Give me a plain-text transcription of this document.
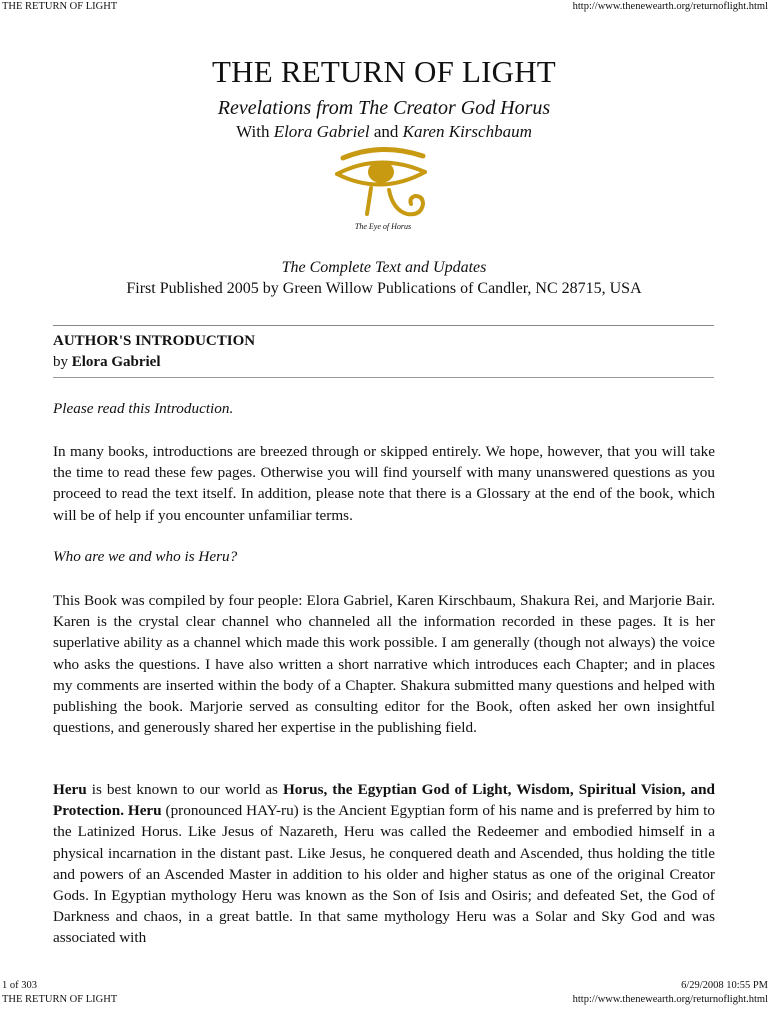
THE RETURN OF LIGHT	http://www.thenewearth.org/returnoflight.html
THE RETURN OF LIGHT
Revelations from The Creator God Horus
With Elora Gabriel and Karen Kirschbaum
The Eye of Horus
The Complete Text and Updates
First Published 2005 by Green Willow Publications of Candler, NC 28715, USA
AUTHOR'S INTRODUCTION
by Elora Gabriel
Please read this Introduction.
In many books, introductions are breezed through or skipped entirely. We hope, however, that you will take the time to read these few pages. Otherwise you will find yourself with many unanswered questions as you proceed to read the text itself. In addition, please note that there is a Glossary at the end of the book, which will be of help if you encounter unfamiliar terms.
Who are we and who is Heru?
This Book was compiled by four people: Elora Gabriel, Karen Kirschbaum, Shakura Rei, and Marjorie Bair. Karen is the crystal clear channel who channeled all the information recorded in these pages. It is her superlative ability as a channel which made this work possible. I am generally (though not always) the voice who asks the questions. I have also written a short narrative which introduces each Chapter; and in places my comments are inserted within the body of a Chapter. Shakura submitted many questions and helped with publishing the book. Marjorie served as consulting editor for the Book, often asked her own insightful questions, and generously shared her expertise in the publishing field.
Heru is best known to our world as Horus, the Egyptian God of Light, Wisdom, Spiritual Vision, and Protection. Heru (pronounced HAY-ru) is the Ancient Egyptian form of his name and is preferred by him to the Latinized Horus. Like Jesus of Nazareth, Heru was called the Redeemer and embodied himself in a physical incarnation in the distant past. Like Jesus, he conquered death and Ascended, thus holding the title and powers of an Ascended Master in addition to his older and higher status as one of the original Creator Gods. In Egyptian mythology Heru was known as the Son of Isis and Osiris; and defeated Set, the God of Darkness and chaos, in a great battle. In that same mythology Heru was a Solar and Sky God and was associated with
1 of 303	6/29/2008 10:55 PM
THE RETURN OF LIGHT	http://www.thenewearth.org/returnoflight.html
